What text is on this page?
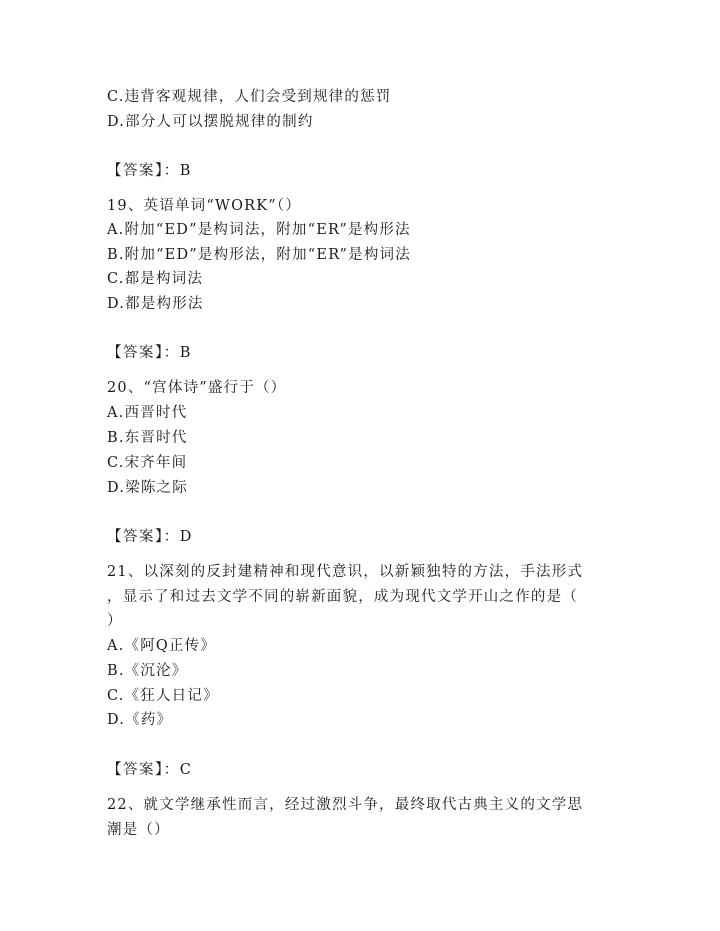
C.违背客观规律，人们会受到规律的惩罚
D.部分人可以摆脱规律的制约
【答案】：B
19、英语单词“WORK”（）
A.附加“ED”是构词法，附加“ER”是构形法
B.附加“ED”是构形法，附加“ER”是构词法
C.都是构词法
D.都是构形法
【答案】：B
20、“宫体诗”盛行于（）
A.西晋时代
B.东晋时代
C.宋齐年间
D.梁陈之际
【答案】：D
21、以深刻的反封建精神和现代意识，以新颖独特的方法，手法形式
，显示了和过去文学不同的崭新面貌，成为现代文学开山之作的是（
）
A.《阿Q正传》
B.《沉沦》
C.《狂人日记》
D.《药》
【答案】：C
22、就文学继承性而言，经过激烈斗争，最终取代古典主义的文学思
潮是（）
